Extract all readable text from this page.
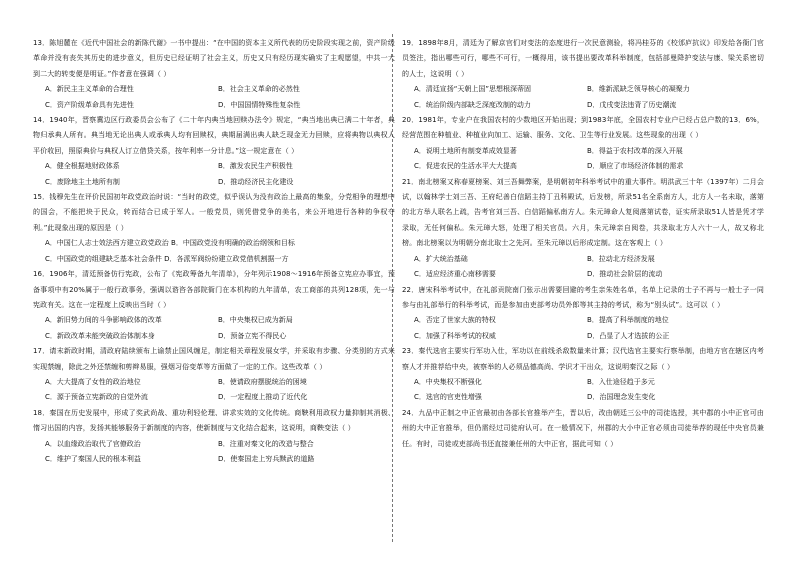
13．陈旭麓在《近代中国社会的新陈代谢》一书中提出：“在中国的资本主义所代表的历史阶段实现之前，资产阶级革命并没有丧失其历史的进步意义，但历史已经证明了社会主义，历史又只有经历现实确实了主观愿望，中共一大到二大的转变便是明证。”作者意在强调（ ）

A．新民主主义革命的合理性	B．社会主义革命的必然性
C．资产阶级革命具有先进性	D．中国国情特殊性复杂性

14．1940年，晋察冀边区行政委员会公布了《二十年内典当地回赎办法令》规定，“典当地出典已满二十年者，典物归承典人所有。典当地无论出典人或承典人均有回赎权，典期届满出典人缺乏现金无力回赎，应将典物以典权人平价收回，照原典价与典权人订立借贷关系，按年利率一分计息。”这一规定意在（ ）

A．健全根据地财政体系	B．激发农民生产积极性
C．废除地主土地所有制	D．推动经济民主化建设

15．钱穆先生在评价民国初年政党政治时说：“当时的政党，似乎误认为没有政治上最高的集象，分党相争的理想中的国会，不能把块于民众，转而结合已成于军人。一般党员，则凭借党争的美名，来公开地进行各种的争权夺利。”此现象出现的原因是（ ）

A．中国仁人志士效法西方建立政党政治 B．中国政党没有明确的政治纲领和目标
C．中国政党的组建缺乏基本社会条件 D．各派军阀纷纷建立政党借机割据一方

16．1906年，清廷预备仿行宪政，公布了《宪政筹备九年清单》，分年列示1908～1916年预备立宪应办事宜，预备事项中有20%属于一般行政事务，强调以谘咨各部院衙门在本机构的九年清单，农工商部的共列128项，先一与宪政有关。这在一定程度上反映出当时（ ）

A．新旧势力间的斗争影响政体的改革	B．中央集权已成为新局
C．新政改革未能突破政治体制本身	D．预备立宪不得民心

17．请末新政时期，清政府陆续颁布上谕禁止国风缠足，制定相关章程发展女学，并采取有步骤、分类别的方式来实现禁缠，除此之外还禁缠和剪辫易服，强烟习俗变革等方面做了一定的工作。这些改革（ ）

A．大大提高了女性的政治地位	B．使请政府摆脱统治的困境
C．源于预备立宪新政的自觉外流	D．一定程度上推动了近代化

18．秦国在历史发展中，形成了奖武尚战、重功利轻伦理、讲求实效的文化传统。商鞅利用政权力量抑制其消极、惰习出国的内容，发扬其能够服务于新制度的内容，使新制度与文化结合起来，这说明，商鞅变法（ ）

A．以血缘政治取代了官僚政治	B．注重对秦文化的改造与整合
C．维护了秦国人民的根本利益	D．使秦国走上穷兵黩武的道路

19．1898年8月，清廷为了解京官们对变法的态度进行一次民意测验，将冯桂芬的《校邠庐抗议》印发给各衙门官员签注，指出哪些可行，哪些不可行，一概得用，该书提出要改革科举制度，包括部曼降护变法与康、梁关系密切的人士，这说明（ ）

A．清廷宣扬“天朝上国”思想根深蒂固	B．维新派缺乏领导核心的凝聚力
C．统治阶级内部缺乏深度改制的动力	D．戊戌变法违背了历史潮流

20．1981年，专业户在我国农村的少数地区开始出现；到1983年底，全国农村专业户已经占总户数的13．6%，经营范围在种植业、种植业向加工、运输、服务、文化、卫生等行业发展。这些现象的出现（ ）

A．说明土地所有制变革成效显著	B．得益于农村改革的深入开展
C．促进农民的生活水平大大提高	D．顺应了市场经济体制的需求

21．南北榜案又称春夏榜案、刘三吾舞弊案，是明朝初年科举考试中的重大事件。明洪武三十年（1397年）二月会试，以翰林学士刘三吾、王府纪善白信蹈主持丁丑科殿试，后发榜，所录51名全系南方人，北方人一名未取，落第的北方举人联名上疏，告考官刘三吾、白信蹈偏私南方人。朱元璋命人复阅落第试卷，证实所录取51人皆是凭才学录取，无任何偏私。朱元璋大怒，处理了相关官员。六月，朱元璋亲自阅卷，共录取北方人六十一人，故又称北榜。南北榜案以为明朝分南北取士之先河。至朱元璋以后形成定制。这在客观上（ ）

A．扩大统治基础	B．拉动北方经济发展
C．适应经济重心南移需要	D．推动社会阶层的流动

22．唐宋科举考试中，在礼部贡院南门张示出需要回避的考生亲朱姓名单，名单上记录的士子不再与一般士子一同参与由礼部举行的科举考试，而是参加由吏部考功员外郎等其主持的考试，称为“别头试”。这可以（ ）

A．否定了世家大族的特权	B．提高了科举制度的地位
C．加强了科举考试的权威	D．凸显了人才选拔的公正

23．秦代选官主要实行军功入仕，军功以在前线杀敌数量来计算；汉代选官主要实行察举制，由地方官在辖区内考察人才并推荐给中央，被察举的人必须品德高尚、学识才干出众，这说明秦汉之际（ ）

A．中央集权不断强化	B．入仕途径趋于多元
C．选官的官吏性增强	D．治国理念发生变化

24．九品中正制之中正官最初由各部长官推举产生，晋以后，改由朝廷三公中的司徒选授，其中郡的小中正官可由州的大中正官推举，但仍需经过司徒府认可。在一般情况下，州郡的大小中正官必须由司徒举荐的现任中央官员兼任。有时，司徒或吏部尚书还直接兼任州的大中正官，据此可知（ ）
